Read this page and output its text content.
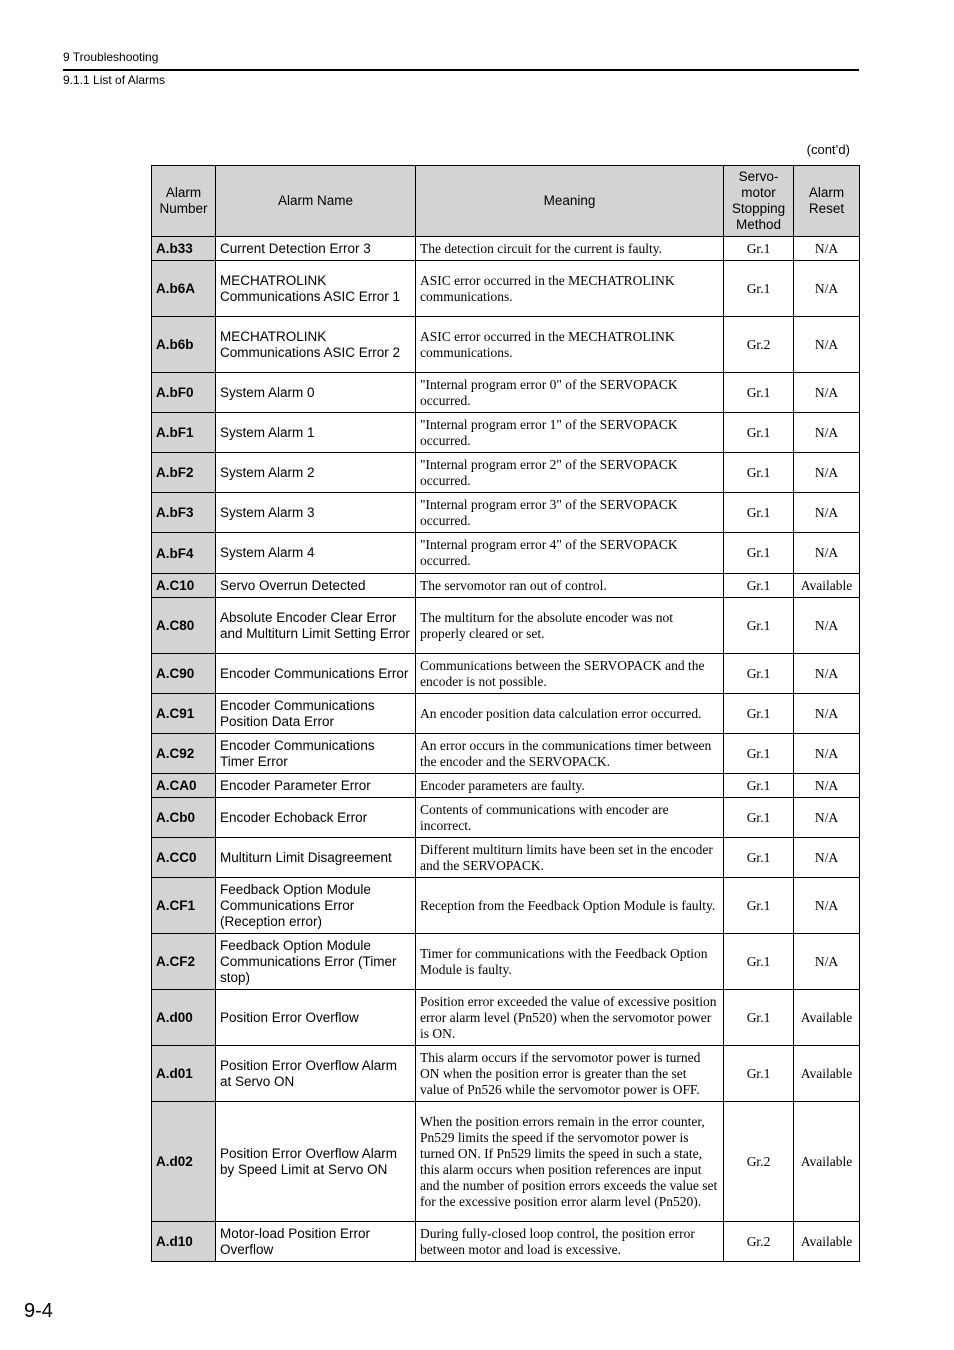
9 Troubleshooting
9.1.1 List of Alarms
(cont’d)
Alarm Number	Alarm Name	Meaning	Servo-motor Stopping Method	Alarm Reset
A.b33	Current Detection Error 3	The detection circuit for the current is faulty.	Gr.1	N/A
A.b6A	MECHATROLINK Communications ASIC Error 1	ASIC error occurred in the MECHATROLINK communications.	Gr.1	N/A
A.b6b	MECHATROLINK Communications ASIC Error 2	ASIC error occurred in the MECHATROLINK communications.	Gr.2	N/A
A.bF0	System Alarm 0	"Internal program error 0" of the SERVOPACK occurred.	Gr.1	N/A
A.bF1	System Alarm 1	"Internal program error 1" of the SERVOPACK occurred.	Gr.1	N/A
A.bF2	System Alarm 2	"Internal program error 2" of the SERVOPACK occurred.	Gr.1	N/A
A.bF3	System Alarm 3	"Internal program error 3" of the SERVOPACK occurred.	Gr.1	N/A
A.bF4	System Alarm 4	"Internal program error 4" of the SERVOPACK occurred.	Gr.1	N/A
A.C10	Servo Overrun Detected	The servomotor ran out of control.	Gr.1	Available
A.C80	Absolute Encoder Clear Error and Multiturn Limit Setting Error	The multiturn for the absolute encoder was not properly cleared or set.	Gr.1	N/A
A.C90	Encoder Communications Error	Communications between the SERVOPACK and the encoder is not possible.	Gr.1	N/A
A.C91	Encoder Communications Position Data Error	An encoder position data calculation error occurred.	Gr.1	N/A
A.C92	Encoder Communications Timer Error	An error occurs in the communications timer between the encoder and the SERVOPACK.	Gr.1	N/A
A.CA0	Encoder Parameter Error	Encoder parameters are faulty.	Gr.1	N/A
A.Cb0	Encoder Echoback Error	Contents of communications with encoder are incorrect.	Gr.1	N/A
A.CC0	Multiturn Limit Disagreement	Different multiturn limits have been set in the encoder and the SERVOPACK.	Gr.1	N/A
A.CF1	Feedback Option Module Communications Error (Reception error)	Reception from the Feedback Option Module is faulty.	Gr.1	N/A
A.CF2	Feedback Option Module Communications Error (Timer stop)	Timer for communications with the Feedback Option Module is faulty.	Gr.1	N/A
A.d00	Position Error Overflow	Position error exceeded the value of excessive position error alarm level (Pn520) when the servomotor power is ON.	Gr.1	Available
A.d01	Position Error Overflow Alarm at Servo ON	This alarm occurs if the servomotor power is turned ON when the position error is greater than the set value of Pn526 while the servomotor power is OFF.	Gr.1	Available
A.d02	Position Error Overflow Alarm by Speed Limit at Servo ON	When the position errors remain in the error counter, Pn529 limits the speed if the servomotor power is turned ON. If Pn529 limits the speed in such a state, this alarm occurs when position references are input and the number of position errors exceeds the value set for the excessive position error alarm level (Pn520).	Gr.2	Available
A.d10	Motor-load Position Error Overflow	During fully-closed loop control, the position error between motor and load is excessive.	Gr.2	Available
9-4
